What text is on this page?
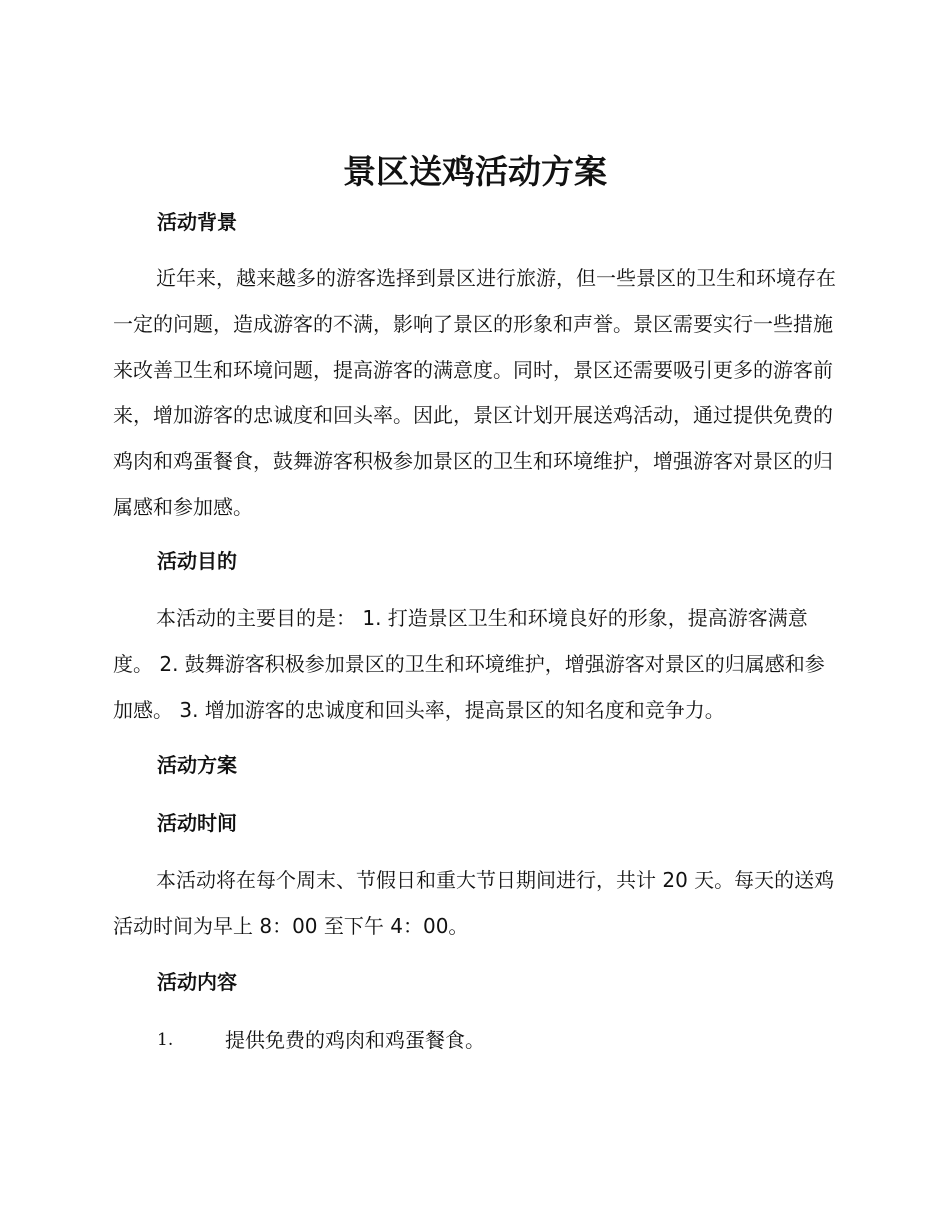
景区送鸡活动方案
活动背景

近年来，越来越多的游客选择到景区进行旅游，但一些景区的卫生和环境存在一定的问题，造成游客的不满，影响了景区的形象和声誉。景区需要实行一些措施来改善卫生和环境问题，提高游客的满意度。同时，景区还需要吸引更多的游客前来，增加游客的忠诚度和回头率。因此，景区计划开展送鸡活动，通过提供免费的鸡肉和鸡蛋餐食，鼓舞游客积极参加景区的卫生和环境维护，增强游客对景区的归属感和参加感。

活动目的

本活动的主要目的是： 1. 打造景区卫生和环境良好的形象，提高游客满意度。 2. 鼓舞游客积极参加景区的卫生和环境维护，增强游客对景区的归属感和参加感。 3. 增加游客的忠诚度和回头率，提高景区的知名度和竞争力。

活动方案
活动时间

本活动将在每个周末、节假日和重大节日期间进行，共计 20 天。每天的送鸡活动时间为早上 8：00 至下午 4：00。

活动内容
1.	提供免费的鸡肉和鸡蛋餐食。
